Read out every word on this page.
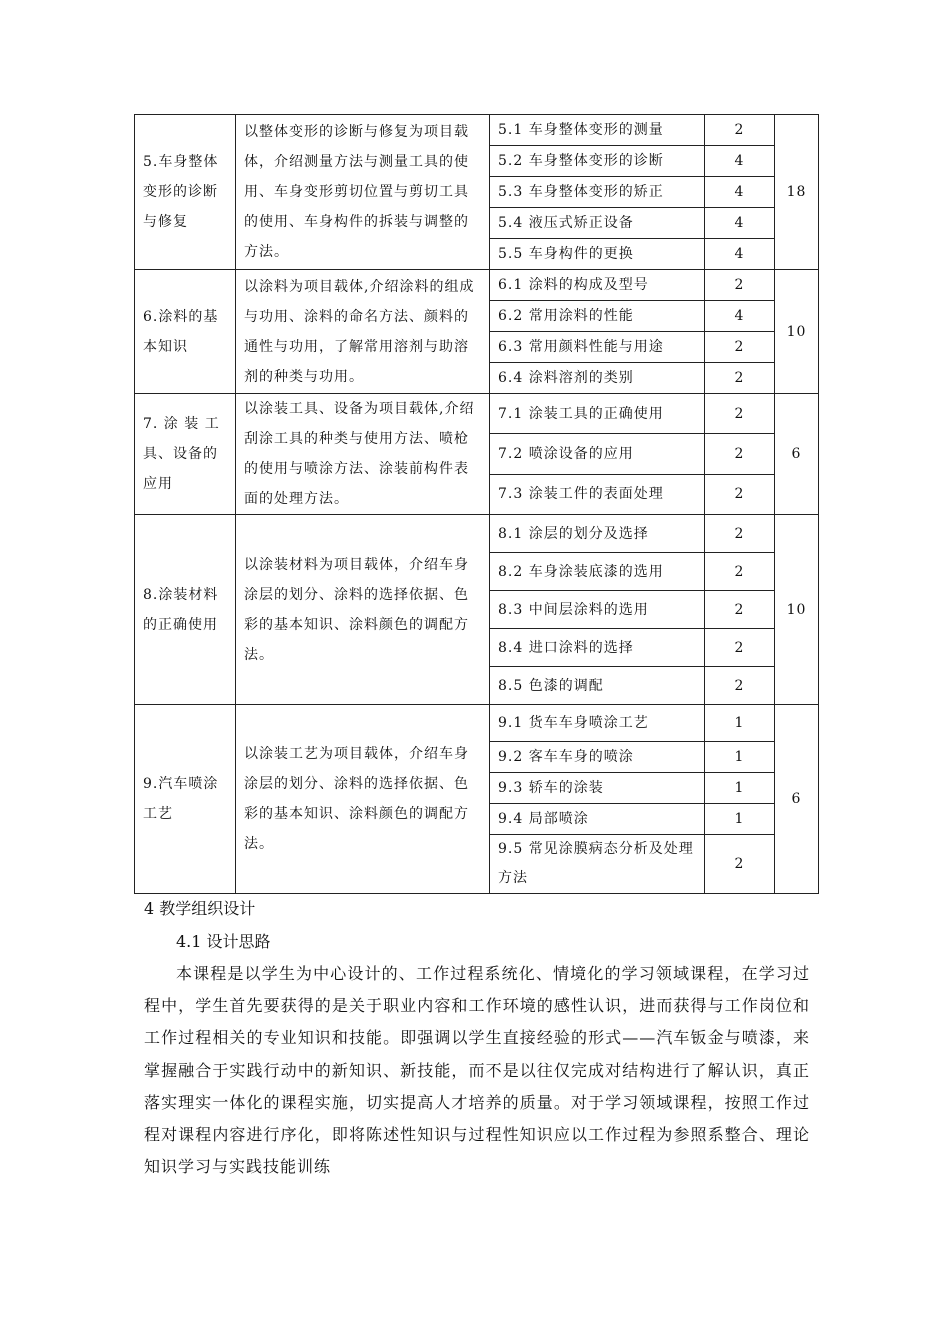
5.车身整体变形的诊断与修复	以整体变形的诊断与修复为项目载体，介绍测量方法与测量工具的使用、车身变形剪切位置与剪切工具的使用、车身构件的拆装与调整的方法。	5.1 车身整体变形的测量	2	18
		5.2 车身整体变形的诊断	4	
		5.3 车身整体变形的矫正	4	
		5.4 液压式矫正设备	4	
		5.5 车身构件的更换	4	
6.涂料的基本知识	以涂料为项目载体,介绍涂料的组成与功用、涂料的命名方法、颜料的通性与功用，了解常用溶剂与助溶剂的种类与功用。	6.1 涂料的构成及型号	2	10
		6.2 常用涂料的性能	4	
		6.3 常用颜料性能与用途	2	
		6.4 涂料溶剂的类别	2	
7. 涂 装 工具、设备的应用	以涂装工具、设备为项目载体,介绍刮涂工具的种类与使用方法、喷枪的使用与喷涂方法、涂装前构件表面的处理方法。	7.1 涂装工具的正确使用	2	6
		7.2 喷涂设备的应用	2	
		7.3 涂装工件的表面处理	2	
8.涂装材料的正确使用	以涂装材料为项目载体，介绍车身涂层的划分、涂料的选择依据、色彩的基本知识、涂料颜色的调配方法。	8.1 涂层的划分及选择	2	10
		8.2 车身涂装底漆的选用	2	
		8.3 中间层涂料的选用	2	
		8.4 进口涂料的选择	2	
		8.5 色漆的调配	2	
9.汽车喷涂工艺	以涂装工艺为项目载体，介绍车身涂层的划分、涂料的选择依据、色彩的基本知识、涂料颜色的调配方法。	9.1 货车车身喷涂工艺	1	6
		9.2 客车车身的喷涂	1	
		9.3 轿车的涂装	1	
		9.4 局部喷涂	1	
		9.5 常见涂膜病态分析及处理方法	2	
4 教学组织设计
4.1 设计思路
本课程是以学生为中心设计的、工作过程系统化、情境化的学习领域课程，在学习过程中，学生首先要获得的是关于职业内容和工作环境的感性认识，进而获得与工作岗位和工作过程相关的专业知识和技能。即强调以学生直接经验的形式——汽车钣金与喷漆，来掌握融合于实践行动中的新知识、新技能，而不是以往仅完成对结构进行了解认识，真正落实理实一体化的课程实施，切实提高人才培养的质量。对于学习领域课程，按照工作过程对课程内容进行序化，即将陈述性知识与过程性知识应以工作过程为参照系整合、理论知识学习与实践技能训练
